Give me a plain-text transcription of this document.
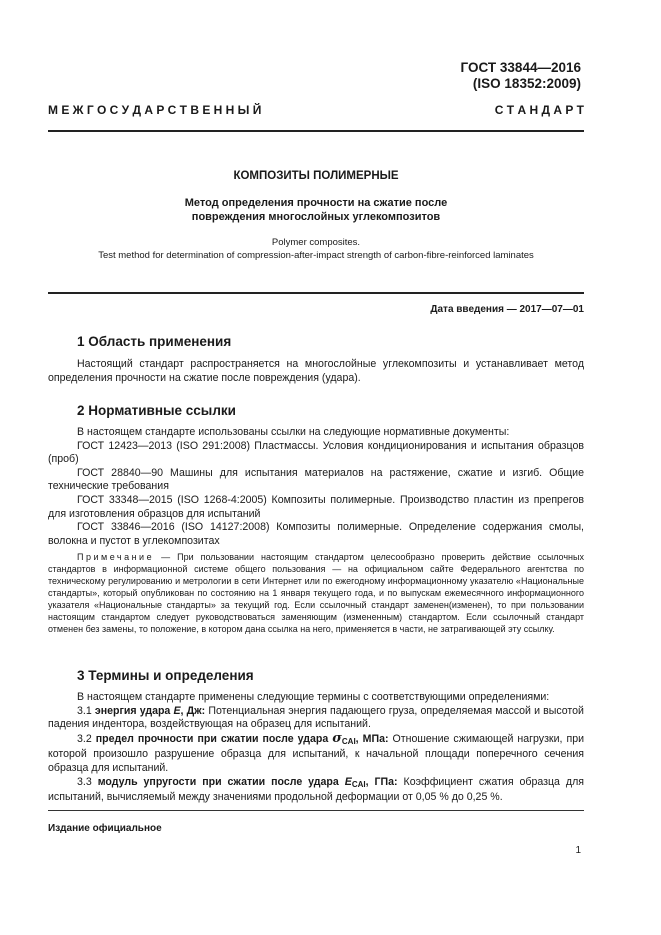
ГОСТ 33844—2016
(ISO 18352:2009)
М Е Ж Г О С У Д А Р С Т В Е Н Н Ы Й	С Т А Н Д А Р Т
КОМПОЗИТЫ ПОЛИМЕРНЫЕ
Метод определения прочности на сжатие после
повреждения многослойных углекомпозитов
Polymer composites.
Test method for determination of compression-after-impact strength of carbon-fibre-reinforced laminates
Дата введения — 2017—07—01
1 Область применения
Настоящий стандарт распространяется на многослойные углекомпозиты и устанавливает метод определения прочности на сжатие после повреждения (удара).
2 Нормативные ссылки
В настоящем стандарте использованы ссылки на следующие нормативные документы:
ГОСТ 12423—2013 (ISO 291:2008) Пластмассы. Условия кондиционирования и испытания образцов (проб)
ГОСТ 28840—90 Машины для испытания материалов на растяжение, сжатие и изгиб. Общие технические требования
ГОСТ 33348—2015 (ISO 1268-4:2005) Композиты полимерные. Производство пластин из препрегов для изготовления образцов для испытаний
ГОСТ 33846—2016 (ISO 14127:2008) Композиты полимерные. Определение содержания смолы, волокна и пустот в углекомпозитах
Примечание — При пользовании настоящим стандартом целесообразно проверить действие ссылочных стандартов в информационной системе общего пользования — на официальном сайте Федерального агентства по техническому регулированию и метрологии в сети Интернет или по ежегодному информационному указателю «Национальные стандарты», который опубликован по состоянию на 1 января текущего года, и по выпускам ежемесячного информационного указателя «Национальные стандарты» за текущий год. Если ссылочный стандарт заменен(изменен), то при пользовании настоящим стандартом следует руководствоваться заменяющим (измененным) стандартом. Если ссылочный стандарт отменен без замены, то положение, в котором дана ссылка на него, применяется в части, не затрагивающей эту ссылку.
3 Термины и определения
В настоящем стандарте применены следующие термины с соответствующими определениями:
3.1 энергия удара E, Дж: Потенциальная энергия падающего груза, определяемая массой и высотой падения индентора, воздействующая на образец для испытаний.
3.2 предел прочности при сжатии после удара $\sigma_{CAI}$, МПа: Отношение сжимающей нагрузки, при которой произошло разрушение образца для испытаний, к начальной площади поперечного сечения образца для испытаний.
3.3 модуль упругости при сжатии после удара $E_{CAI}$, ГПа: Коэффициент сжатия образца для испытаний, вычисляемый между значениями продольной деформации от 0,05 % до 0,25 %.
Издание официальное
1
